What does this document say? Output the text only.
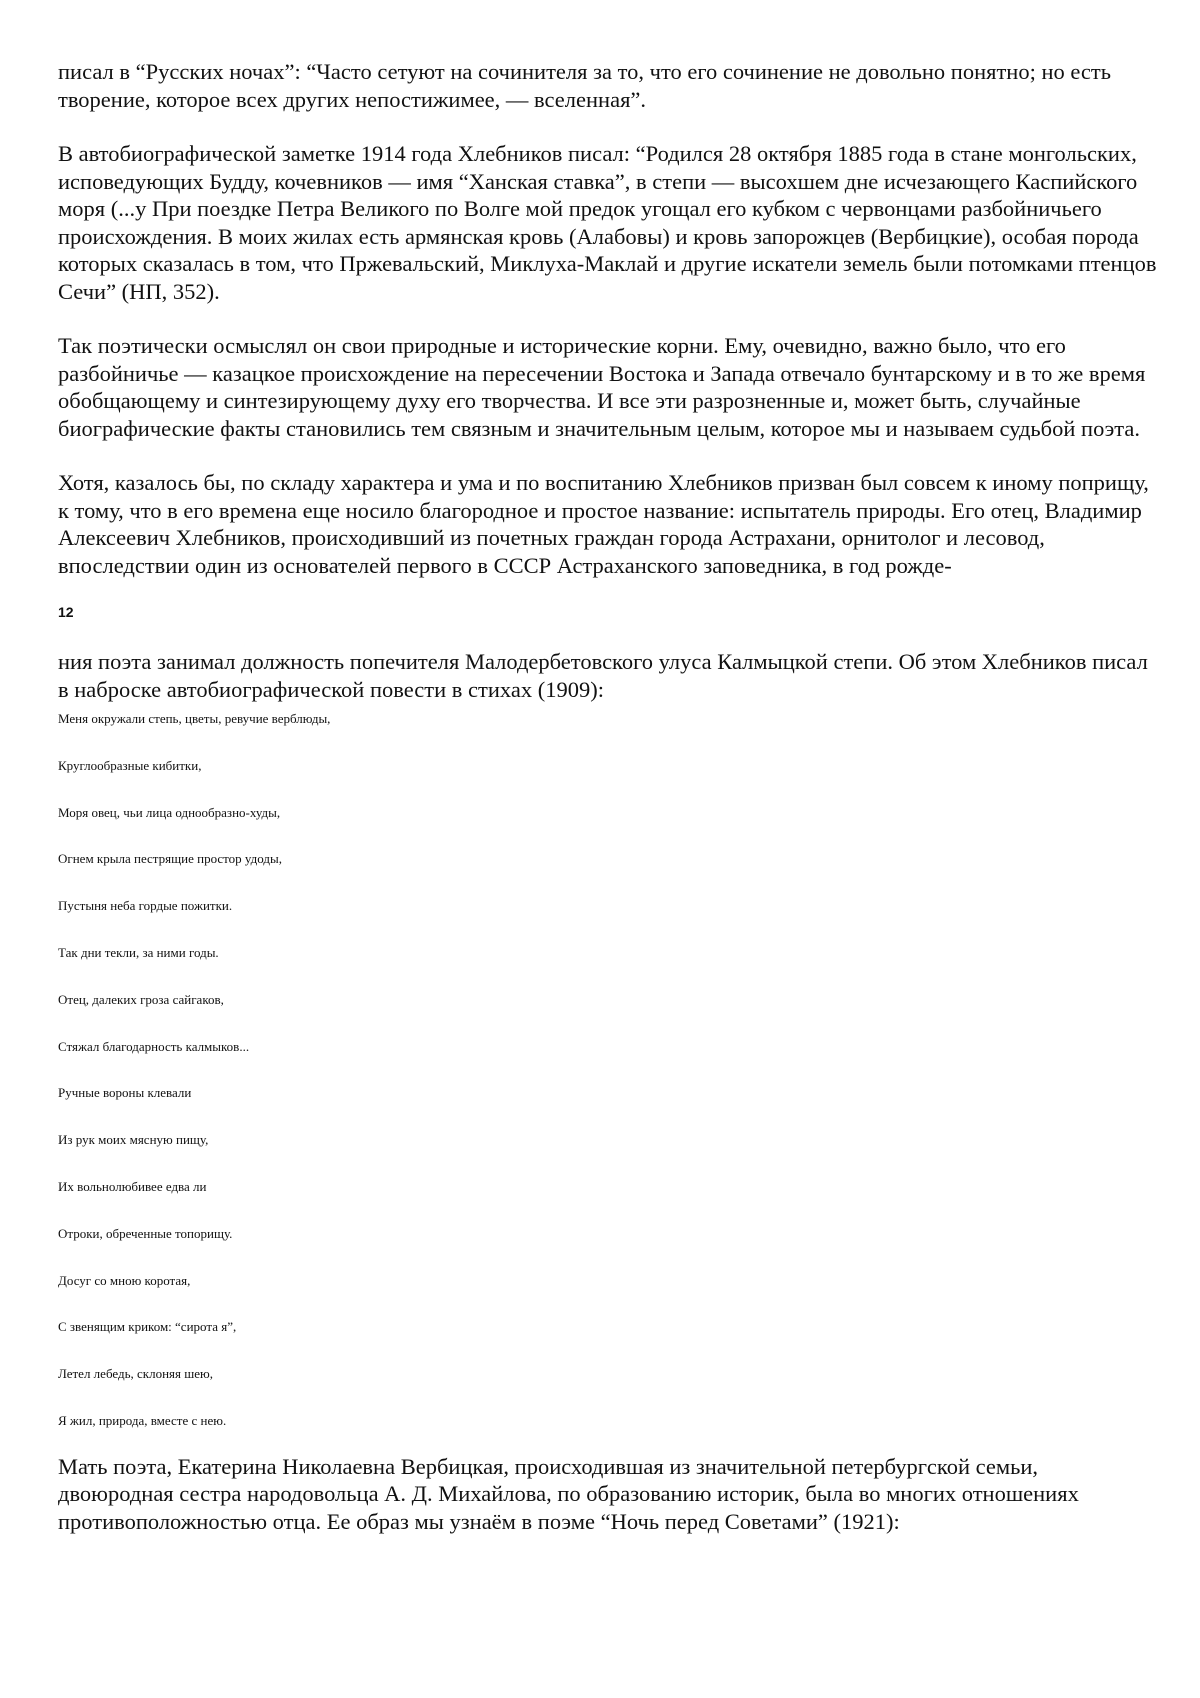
писал в “Русских ночах”: “Часто сетуют на сочинителя за то, что его сочинение не довольно понятно; но есть творение, которое всех других непостижимее, — вселенная”.

В автобиографической заметке 1914 года Хлебников писал: “Родился 28 октября 1885 года в стане монгольских, исповедующих Будду, кочевников — имя “Ханская ставка”, в степи — высохшем дне исчезающего Каспийского моря (...у При поездке Петра Великого по Волге мой предок угощал его кубком с червонцами разбойничьего происхождения. В моих жилах есть армянская кровь (Алабовы) и кровь запорожцев (Вербицкие), особая порода которых сказалась в том, что Пржевальский, Миклуха-Маклай и другие искатели земель были потомками птенцов Сечи” (НП, 352).

Так поэтически осмыслял он свои природные и исторические корни. Ему, очевидно, важно было, что его разбойничье — казацкое происхождение на пересечении Востока и Запада отвечало бунтарскому и в то же время обобщающему и синтезирующему духу его творчества. И все эти разрозненные и, может быть, случайные биографические факты становились тем связным и значительным целым, которое мы и называем судьбой поэта.

Хотя, казалось бы, по складу характера и ума и по воспитанию Хлебников призван был совсем к иному поприщу, к тому, что в его времена еще носило благородное и простое название: испытатель природы. Его отец, Владимир Алексеевич Хлебников, происходивший из почетных граждан города Астрахани, орнитолог и лесовод, впоследствии один из основателей первого в СССР Астраханского заповедника, в год рожде-

12

ния поэта занимал должность попечителя Малодербетовского улуса Калмыцкой степи. Об этом Хлебников писал в наброске автобиографической повести в стихах (1909):

Меня окружали степь, цветы, ревучие верблюды,
Круглообразные кибитки,
Моря овец, чьи лица однообразно-худы,
Огнем крыла пестрящие простор удоды,
Пустыня неба гордые пожитки.
Так дни текли, за ними годы.
Отец, далеких гроза сайгаков,
Стяжал благодарность калмыков...
Ручные вороны клевали
Из рук моих мясную пищу,
Их вольнолюбивее едва ли
Отроки, обреченные топорищу.
Досуг со мною коротая,
С звенящим криком: “сирота я”,
Летел лебедь, склоняя шею,
Я жил, природа, вместе с нею.

Мать поэта, Екатерина Николаевна Вербицкая, происходившая из значительной петербургской семьи, двоюродная сестра народовольца А. Д. Михайлова, по образованию историк, была во многих отношениях противоположностью отца. Ее образ мы узнаём в поэме “Ночь перед Советами” (1921):
